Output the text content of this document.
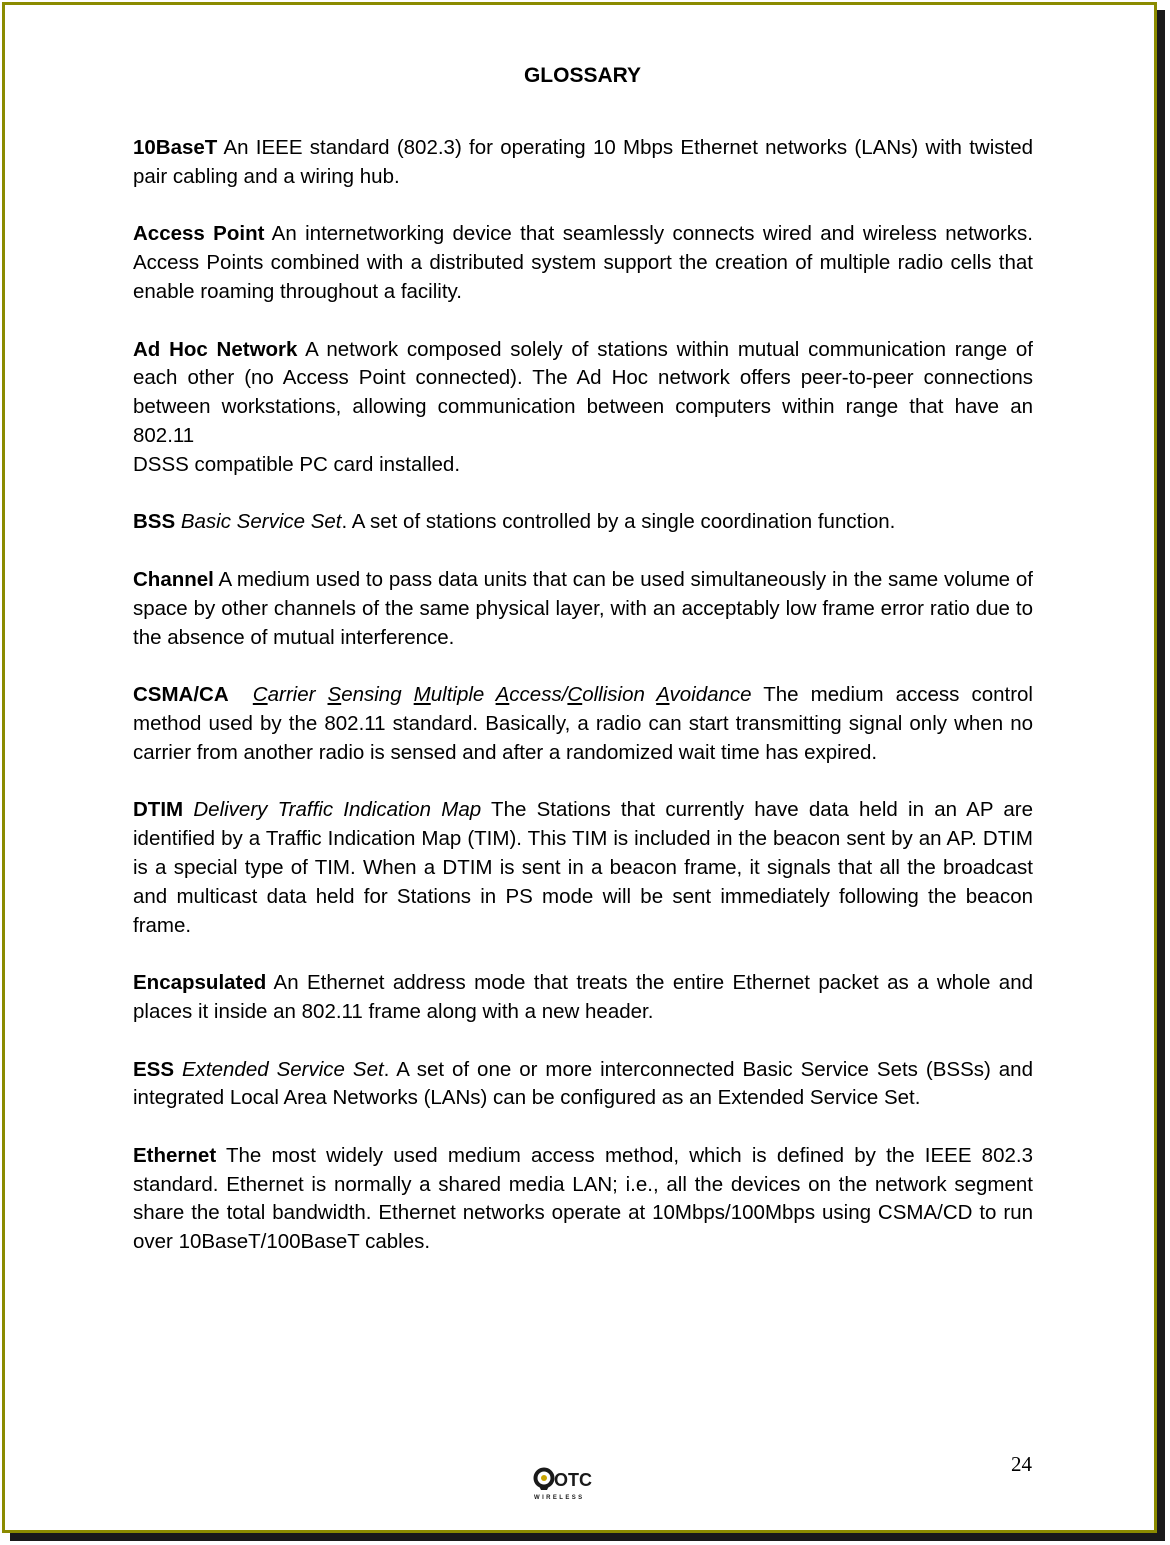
GLOSSARY

10BaseT An IEEE standard (802.3) for operating 10 Mbps Ethernet networks (LANs) with twisted pair cabling and a wiring hub.

Access Point An internetworking device that seamlessly connects wired and wireless networks. Access Points combined with a distributed system support the creation of multiple radio cells that enable roaming throughout a facility.

Ad Hoc Network A network composed solely of stations within mutual communication range of each other (no Access Point connected). The Ad Hoc network offers peer-to-peer connections between workstations, allowing communication between computers within range that have an 802.11
DSSS compatible PC card installed.

BSS Basic Service Set. A set of stations controlled by a single coordination function.

Channel A medium used to pass data units that can be used simultaneously in the same volume of space by other channels of the same physical layer, with an acceptably low frame error ratio due to the absence of mutual interference.

CSMA/CA Carrier Sensing Multiple Access/Collision Avoidance The medium access control method used by the 802.11 standard. Basically, a radio can start transmitting signal only when no carrier from another radio is sensed and after a randomized wait time has expired.

DTIM Delivery Traffic Indication Map The Stations that currently have data held in an AP are identified by a Traffic Indication Map (TIM). This TIM is included in the beacon sent by an AP. DTIM is a special type of TIM. When a DTIM is sent in a beacon frame, it signals that all the broadcast and multicast data held for Stations in PS mode will be sent immediately following the beacon frame.

Encapsulated An Ethernet address mode that treats the entire Ethernet packet as a whole and places it inside an 802.11 frame along with a new header.

ESS Extended Service Set. A set of one or more interconnected Basic Service Sets (BSSs) and integrated Local Area Networks (LANs) can be configured as an Extended Service Set.

Ethernet The most widely used medium access method, which is defined by the IEEE 802.3 standard. Ethernet is normally a shared media LAN; i.e., all the devices on the network segment share the total bandwidth. Ethernet networks operate at 10Mbps/100Mbps using CSMA/CD to run over 10BaseT/100BaseT cables.

24
OTC
WIRELESS
